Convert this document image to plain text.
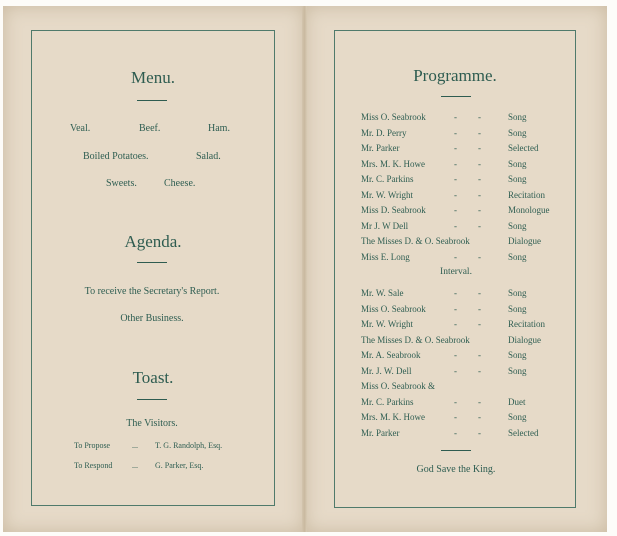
Menu.
Veal.	Beef.	Ham.
Boiled Potatoes.	Salad.
Sweets.	Cheese.
Agenda.
To receive the Secretary's Report.
Other Business.
Toast.
The Visitors.
To Propose	... T. G. Randolph, Esq.
To Respond ... G. Parker, Esq.
Programme.
Miss O. Seabrook	- -	Song
Mr. D. Perry	- -	Song
Mr. Parker	- -	Selected
Mrs. M. K. Howe	- -	Song
Mr. C. Parkins	- -	Song
Mr. W. Wright	- -	Recitation
Miss D. Seabrook	- -	Monologue
Mr J. W Dell	- -	Song
The Misses D. & O. Seabrook	Dialogue
Miss E. Long	- -	Song
Interval.
Mr. W. Sale	- -	Song
Miss O. Seabrook	- -	Song
Mr. W. Wright	- -	Recitation
The Misses D. & O. Seabrook	Dialogue
Mr. A. Seabrook	- -	Song
Mr. J. W. Dell	- -	Song
Miss O. Seabrook &
Mr. C. Parkins	- -	Duet
Mrs. M. K. Howe	- -	Song
Mr. Parker	- -	Selected
God Save the King.
